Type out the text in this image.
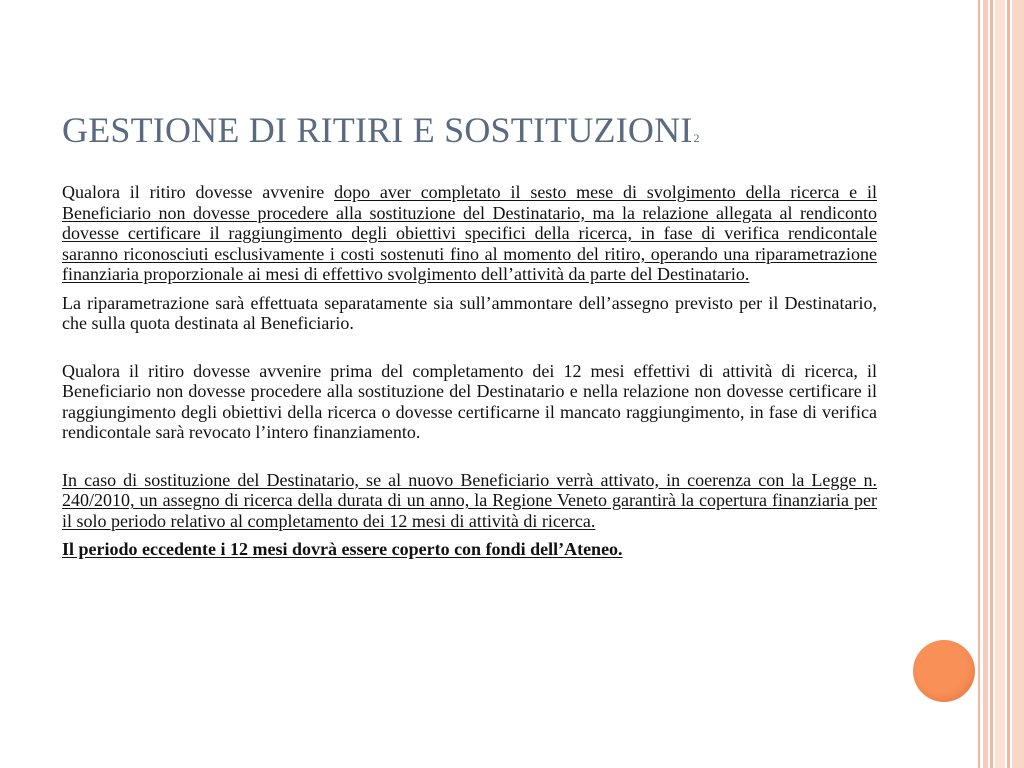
GESTIONE DI RITIRI E SOSTITUZIONI2

Qualora il ritiro dovesse avvenire dopo aver completato il sesto mese di svolgimento della ricerca e il Beneficiario non dovesse procedere alla sostituzione del Destinatario, ma la relazione allegata al rendiconto dovesse certificare il raggiungimento degli obiettivi specifici della ricerca, in fase di verifica rendicontale saranno riconosciuti esclusivamente i costi sostenuti fino al momento del ritiro, operando una riparametrazione finanziaria proporzionale ai mesi di effettivo svolgimento dell’attività da parte del Destinatario.

La riparametrazione sarà effettuata separatamente sia sull’ammontare dell’assegno previsto per il Destinatario, che sulla quota destinata al Beneficiario.

Qualora il ritiro dovesse avvenire prima del completamento dei 12 mesi effettivi di attività di ricerca, il Beneficiario non dovesse procedere alla sostituzione del Destinatario e nella relazione non dovesse certificare il raggiungimento degli obiettivi della ricerca o dovesse certificarne il mancato raggiungimento, in fase di verifica rendicontale sarà revocato l’intero finanziamento.

In caso di sostituzione del Destinatario, se al nuovo Beneficiario verrà attivato, in coerenza con la Legge n. 240/2010, un assegno di ricerca della durata di un anno, la Regione Veneto garantirà la copertura finanziaria per il solo periodo relativo al completamento dei 12 mesi di attività di ricerca.

Il periodo eccedente i 12 mesi dovrà essere coperto con fondi dell’Ateneo.
